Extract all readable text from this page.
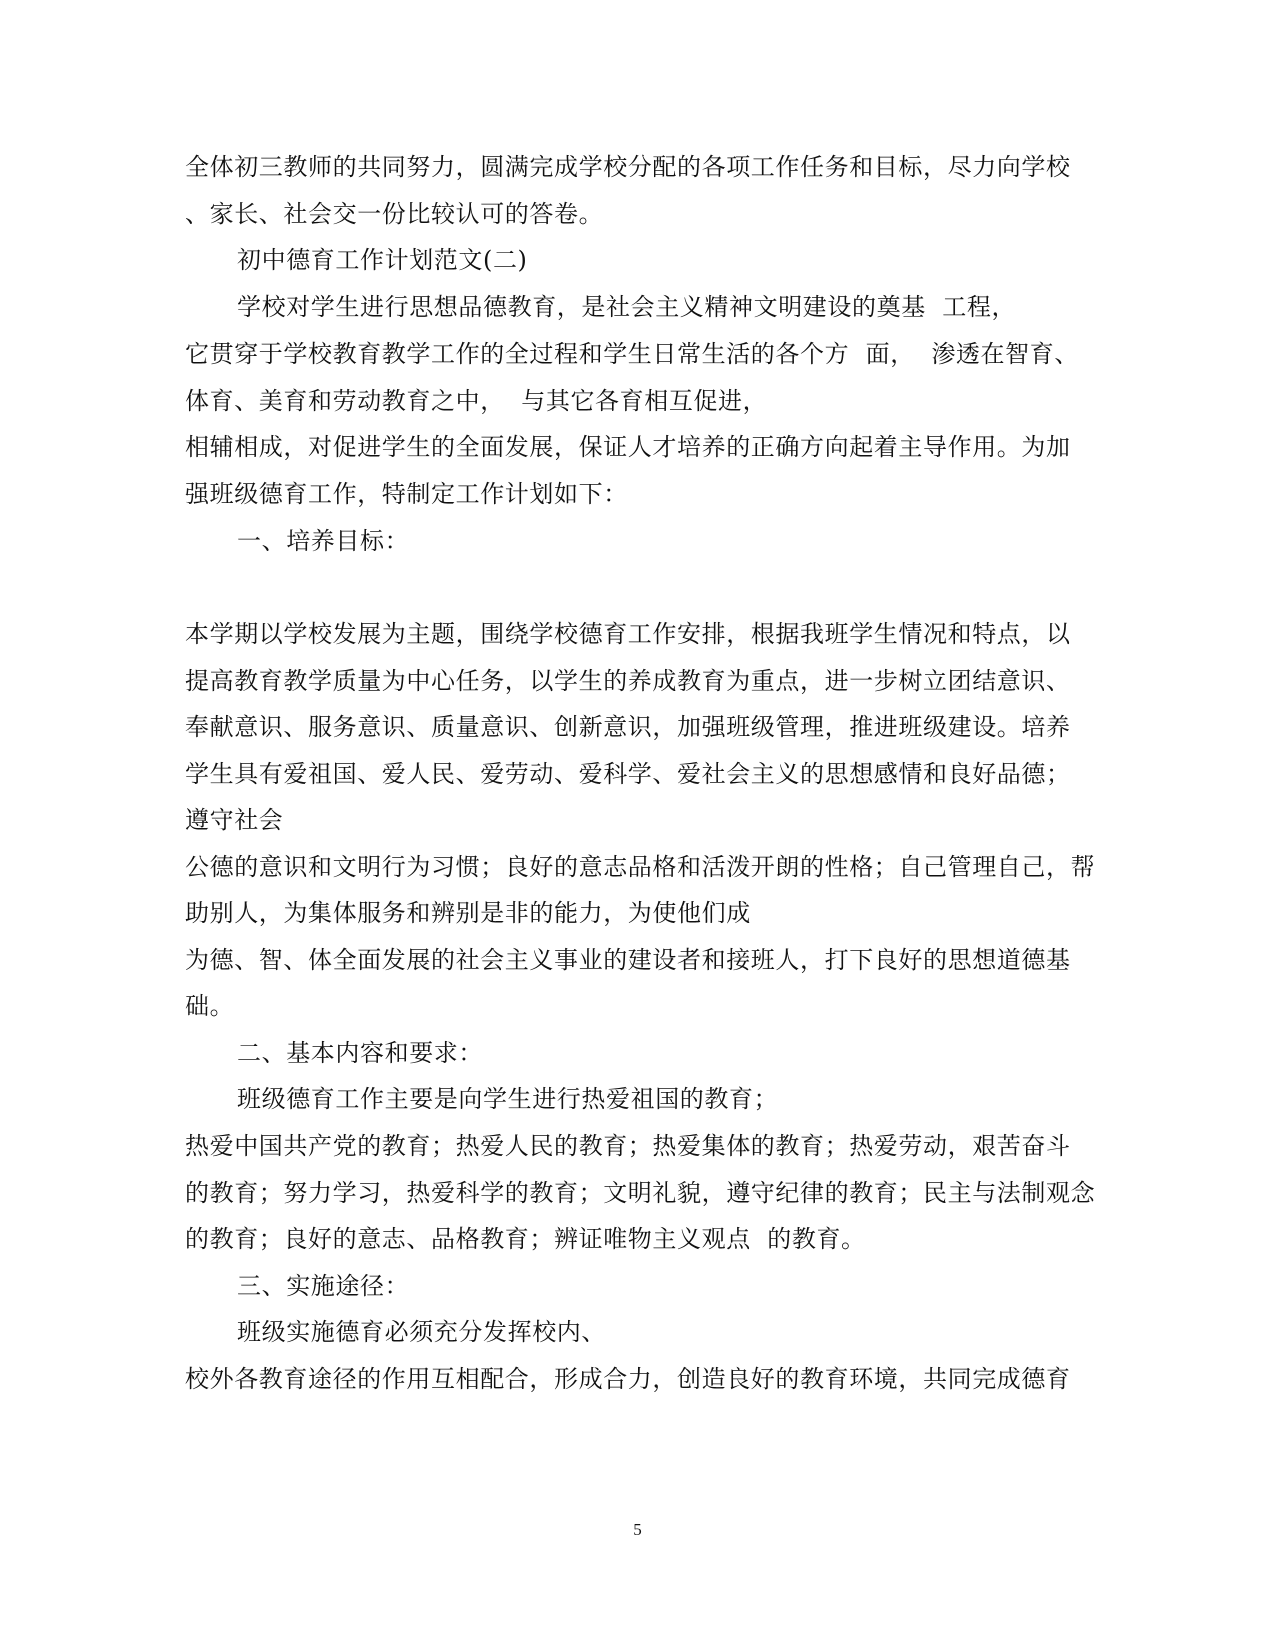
全体初三教师的共同努力，圆满完成学校分配的各项工作任务和目标，尽力向学校
、家长、社会交一份比较认可的答卷。
初中德育工作计划范文(二)
学校对学生进行思想品德教育，是社会主义精神文明建设的奠基  工程，
它贯穿于学校教育教学工作的全过程和学生日常生活的各个方  面，  渗透在智育、
体育、美育和劳动教育之中，  与其它各育相互促进，
相辅相成，对促进学生的全面发展，保证人才培养的正确方向起着主导作用。为加
强班级德育工作，特制定工作计划如下：
一、培养目标：
本学期以学校发展为主题，围绕学校德育工作安排，根据我班学生情况和特点，以
提高教育教学质量为中心任务，以学生的养成教育为重点，进一步树立团结意识、
奉献意识、服务意识、质量意识、创新意识，加强班级管理，推进班级建设。培养
学生具有爱祖国、爱人民、爱劳动、爱科学、爱社会主义的思想感情和良好品德；
遵守社会
公德的意识和文明行为习惯；良好的意志品格和活泼开朗的性格；自己管理自己，帮
助别人，为集体服务和辨别是非的能力，为使他们成
为德、智、体全面发展的社会主义事业的建设者和接班人，打下良好的思想道德基
础。
二、基本内容和要求：
班级德育工作主要是向学生进行热爱祖国的教育；
热爱中国共产党的教育；热爱人民的教育；热爱集体的教育；热爱劳动，艰苦奋斗
的教育；努力学习，热爱科学的教育；文明礼貌，遵守纪律的教育；民主与法制观念
的教育；良好的意志、品格教育；辨证唯物主义观点  的教育。
三、实施途径：
班级实施德育必须充分发挥校内、
校外各教育途径的作用互相配合，形成合力，创造良好的教育环境，共同完成德育
5
